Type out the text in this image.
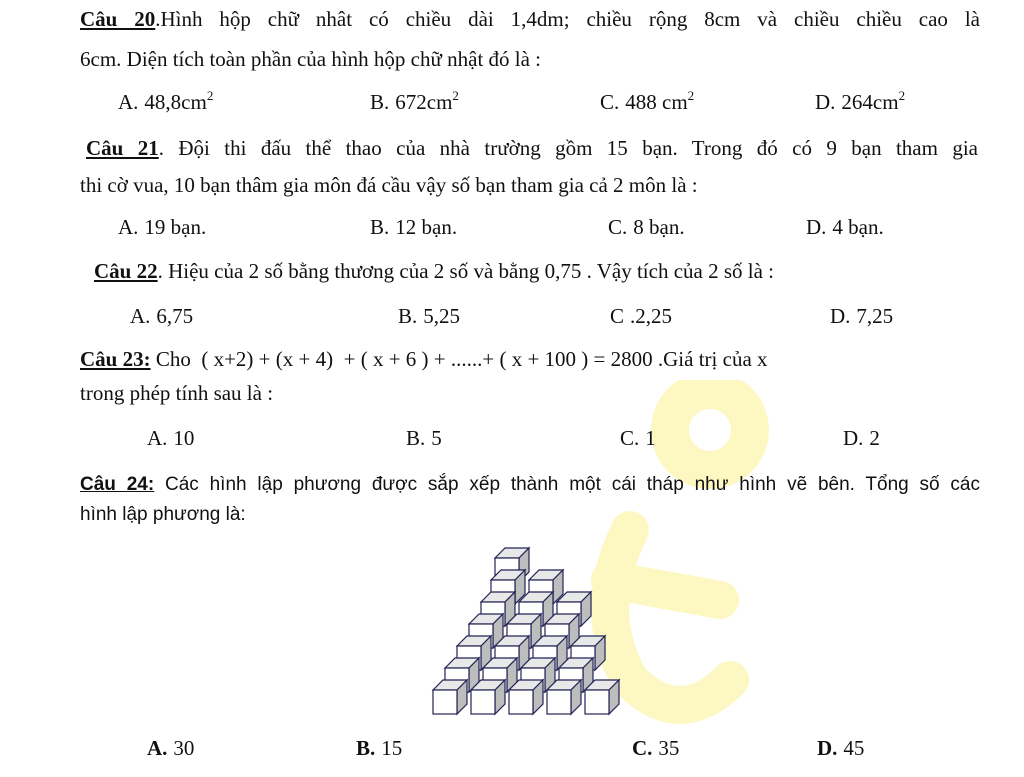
Câu 20.Hình hộp chữ nhât có chiều dài 1,4dm; chiều rộng 8cm và chiều chiều cao là
6cm. Diện tích toàn phần của hình hộp chữ nhật đó là :
A. $48,8cm^2$	B. $672cm^2$	C. 488 $cm^2$	D. $264cm^2$
Câu 21. Đội thi đấu thể thao của nhà trường gồm 15 bạn. Trong đó có 9 bạn tham gia
thi cờ vua, 10 bạn thâm gia môn đá cầu vậy số bạn tham gia cả 2 môn là :
A. 19 bạn.	B. 12 bạn.	C. 8 bạn.	D. 4 bạn.
Câu 22. Hiệu của 2 số bằng thương của 2 số và bằng 0,75 . Vậy tích của 2 số là :
A. 6,75	B. 5,25	C .2,25	D. 7,25
Câu 23: Cho  ( x+2) + (x + 4)  + ( x + 6 ) + ......+ ( x + 100 ) = 2800 .Giá trị của x
trong phép tính sau là :
A. 10	B. 5	C. 1	D. 2
Câu 24: Các hình lập phương được sắp xếp thành một cái tháp như hình vẽ bên. Tổng số các
hình lập phương là:
A. 30	B. 15	C. 35	D. 45
